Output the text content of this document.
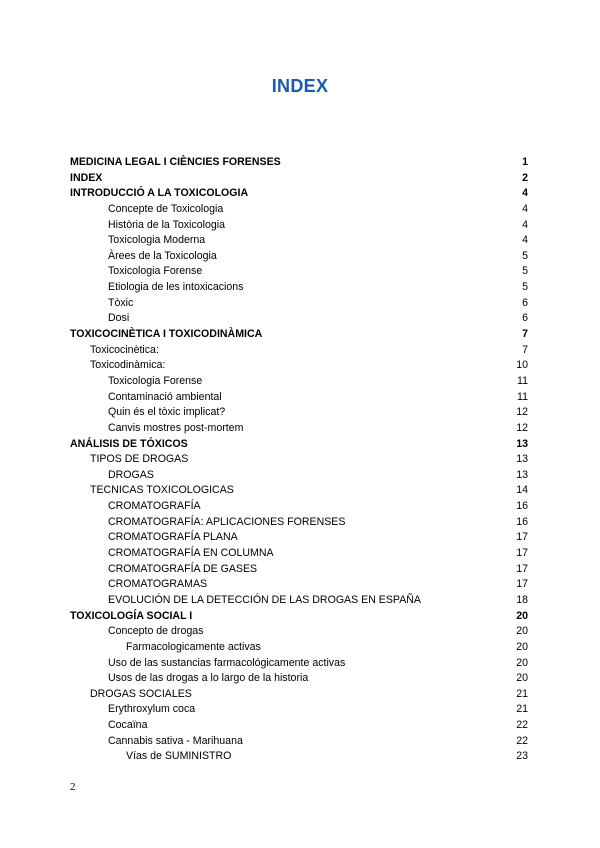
INDEX
MEDICINA LEGAL I CIÈNCIES FORENSES	1
INDEX	2
INTRODUCCIÓ A LA TOXICOLOGIA	4
Concepte de Toxicologia	4
Història de la Toxicologia	4
Toxicologia Moderna	4
Àrees de la Toxicologia	5
Toxicologia Forense	5
Etiologia de les intoxicacions	5
Tòxic	6
Dosi	6
TOXICOCINÈTICA I TOXICODINÀMICA	7
Toxicocinètica:	7
Toxicodinàmica:	10
Toxicologia Forense	11
Contaminació ambiental	11
Quin és el tòxic implicat?	12
Canvis mostres post-mortem	12
ANÁLISIS DE TÓXICOS	13
TIPOS DE DROGAS	13
DROGAS	13
TECNICAS TOXICOLOGICAS	14
CROMATOGRAFÍA	16
CROMATOGRAFÍA: APLICACIONES FORENSES	16
CROMATOGRAFÍA PLANA	17
CROMATOGRAFÍA EN COLUMNA	17
CROMATOGRAFÍA DE GASES	17
CROMATOGRAMAS	17
EVOLUCIÓN DE LA DETECCIÓN DE LAS DROGAS EN ESPAÑA	18
TOXICOLOGÍA SOCIAL I	20
Concepto de drogas	20
Farmacologicamente activas	20
Uso de las sustancias farmacológicamente activas	20
Usos de las drogas a lo largo de la historia	20
DROGAS SOCIALES	21
Erythroxylum coca	21
Cocaïna	22
Cannabis sativa - Marihuana	22
Vías de SUMINISTRO	23
2
